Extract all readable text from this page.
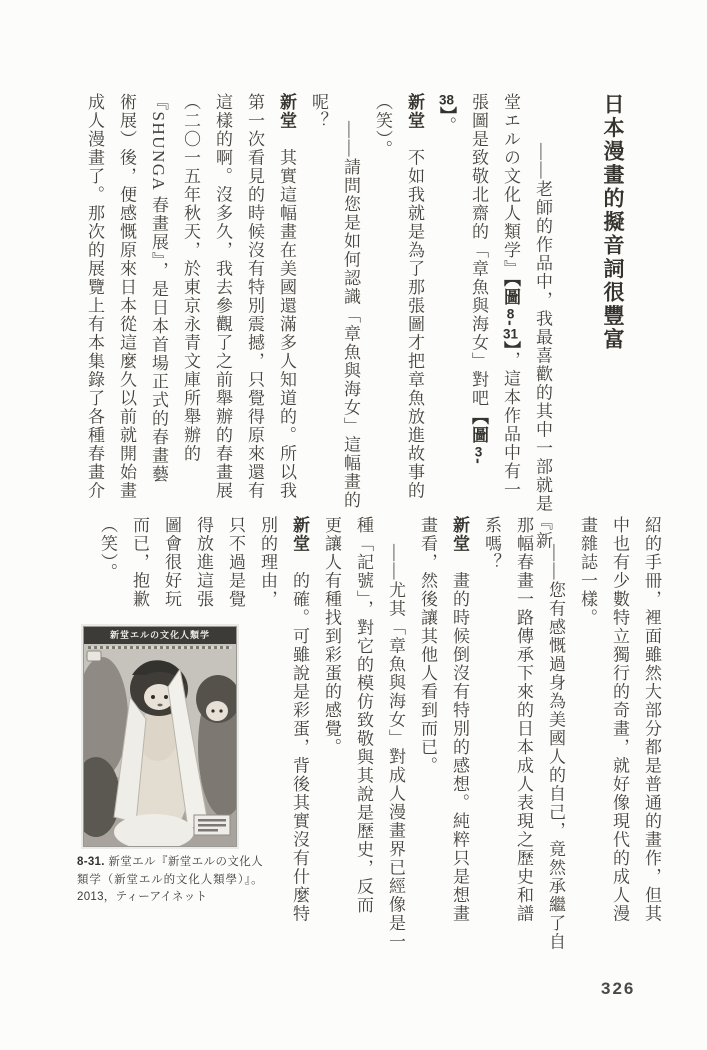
日本漫畫的擬音詞很豐富

——老師的作品中，我最喜歡的其中一部就是『新

堂エルの文化人類学』【圖8-31】，這本作品中有一

張圖是致敬北齋的「章魚與海女」對吧【圖3-

38】。

新堂　不如我就是為了那張圖才把章魚放進故事的

（笑）。

——請問您是如何認識「章魚與海女」這幅畫的

呢？

新堂　其實這幅畫在美國還滿多人知道的。所以我

第一次看見的時候沒有特別震撼，只覺得原來還有

這樣的啊。沒多久，我去參觀了之前舉辦的春畫展

（二〇一五年秋天，於東京永青文庫所舉辦的

『SHUNGA 春畫展』，是日本首場正式的春畫藝

術展）後，便感慨原來日本從這麼久以前就開始畫

成人漫畫了。那次的展覽上有本集錄了各種春畫介

紹的手冊，裡面雖然大部分都是普通的畫作，但其

中也有少數特立獨行的奇畫，就好像現代的成人漫

畫雜誌一樣。

——您有感慨過身為美國人的自己，竟然承繼了自

那幅春畫一路傳承下來的日本成人表現之歷史和譜

系嗎？

新堂　畫的時候倒沒有特別的感想。純粹只是想畫

畫看，然後讓其他人看到而已。

——尤其「章魚與海女」對成人漫畫界已經像是一

種「記號」，對它的模仿致敬與其說是歷史，反而

更讓人有種找到彩蛋的感覺。

新堂　的確。可雖說是彩蛋，背後其實沒有什麼特

別的理由，

只不過是覺

得放進這張

圖會很好玩

而已，抱歉

（笑）。

新堂エルの文化人類学

8-31. 新堂エル『新堂エルの文化人類学（新堂エル的文化人類學）』。2013，ティーアイネット

326
